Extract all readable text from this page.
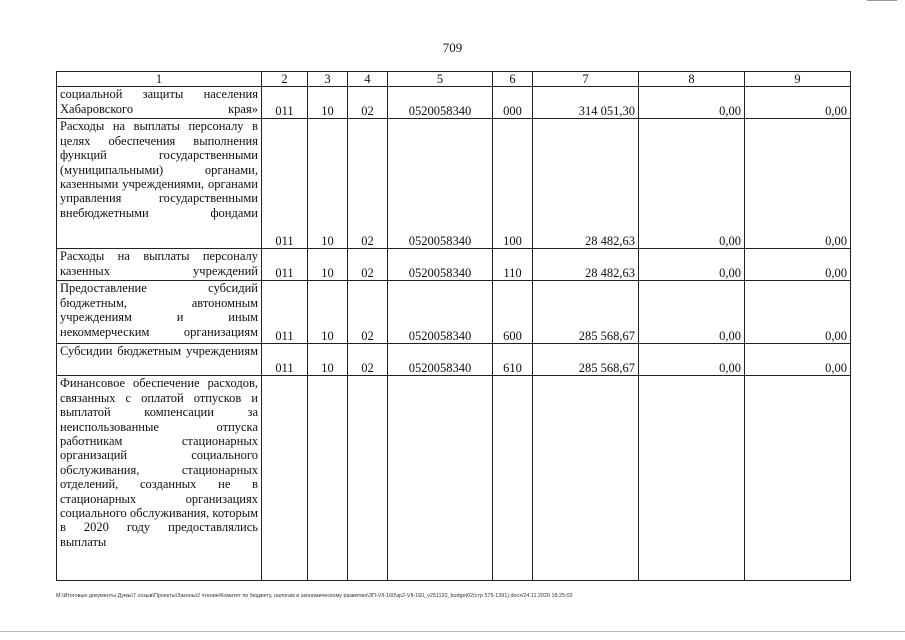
709
1	2	3	4	5	6	7	8	9
социальной защиты населения Хабаровского края»	011	10	02	0520058340	000	314 051,30	0,00	0,00
Расходы на выплаты персоналу в целях обеспечения выполнения функций государственными (муниципальными) органами, казенными учреждениями, органами управления государственными внебюджетными фондами	011	10	02	0520058340	100	28 482,63	0,00	0,00
Расходы на выплаты персоналу казенных учреждений	011	10	02	0520058340	110	28 482,63	0,00	0,00
Предоставление субсидий бюджетным, автономным учреждениям и иным некоммерческим организациям	011	10	02	0520058340	600	285 568,67	0,00	0,00
Субсидии бюджетным учреждениям	011	10	02	0520058340	610	285 568,67	0,00	0,00
Финансовое обеспечение расходов, связанных с оплатой отпусков и выплатой компенсации за неиспользованные отпуска работникам стационарных организаций социального обслуживания, стационарных отделений, созданных не в стационарных организациях социального обслуживания, которым в 2020 году предоставлялись выплаты								
M:\Итоговые документы Думы\7 созыв\Проекты\Законы\2 чтение\Комитет по бюджету, налогам и экономическому развитию\ЗП-VII-160\зр2-VII-160_v251120_budget02(стр 575-1391).docx/24.11.2020 18:25:03
